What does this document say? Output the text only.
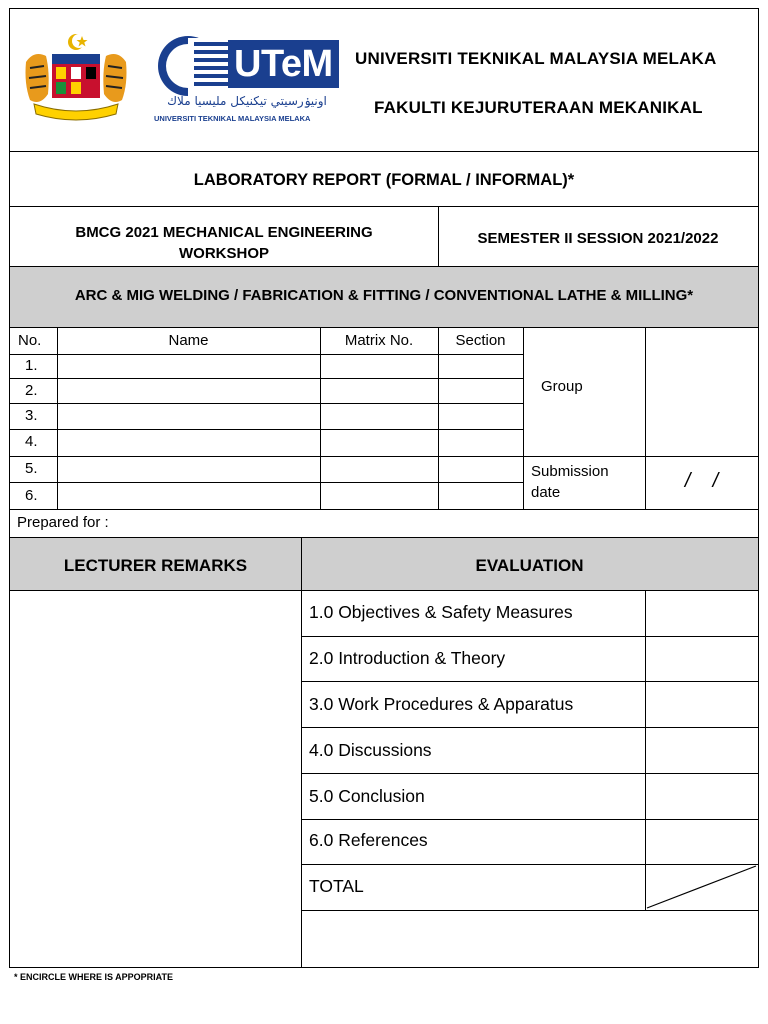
UTeM
اونيۏرسيتي تيكنيكل مليسيا ملاك
UNIVERSITI TEKNIKAL MALAYSIA MELAKA
UNIVERSITI TEKNIKAL MALAYSIA MELAKA
FAKULTI KEJURUTERAAN MEKANIKAL
LABORATORY REPORT (FORMAL / INFORMAL)*
BMCG 2021 MECHANICAL ENGINEERING
WORKSHOP
SEMESTER II SESSION 2021/2022
ARC & MIG WELDING / FABRICATION & FITTING / CONVENTIONAL LATHE & MILLING*
No.	Name	Matrix No.	Section
1.
2.
3.
4.
5.
6.
Group
Submission
date
/    /
Prepared for :
LECTURER REMARKS	EVALUATION
1.0 Objectives & Safety Measures
2.0 Introduction & Theory
3.0 Work Procedures & Apparatus
4.0 Discussions
5.0 Conclusion
6.0 References
TOTAL
* ENCIRCLE WHERE IS APPOPRIATE
